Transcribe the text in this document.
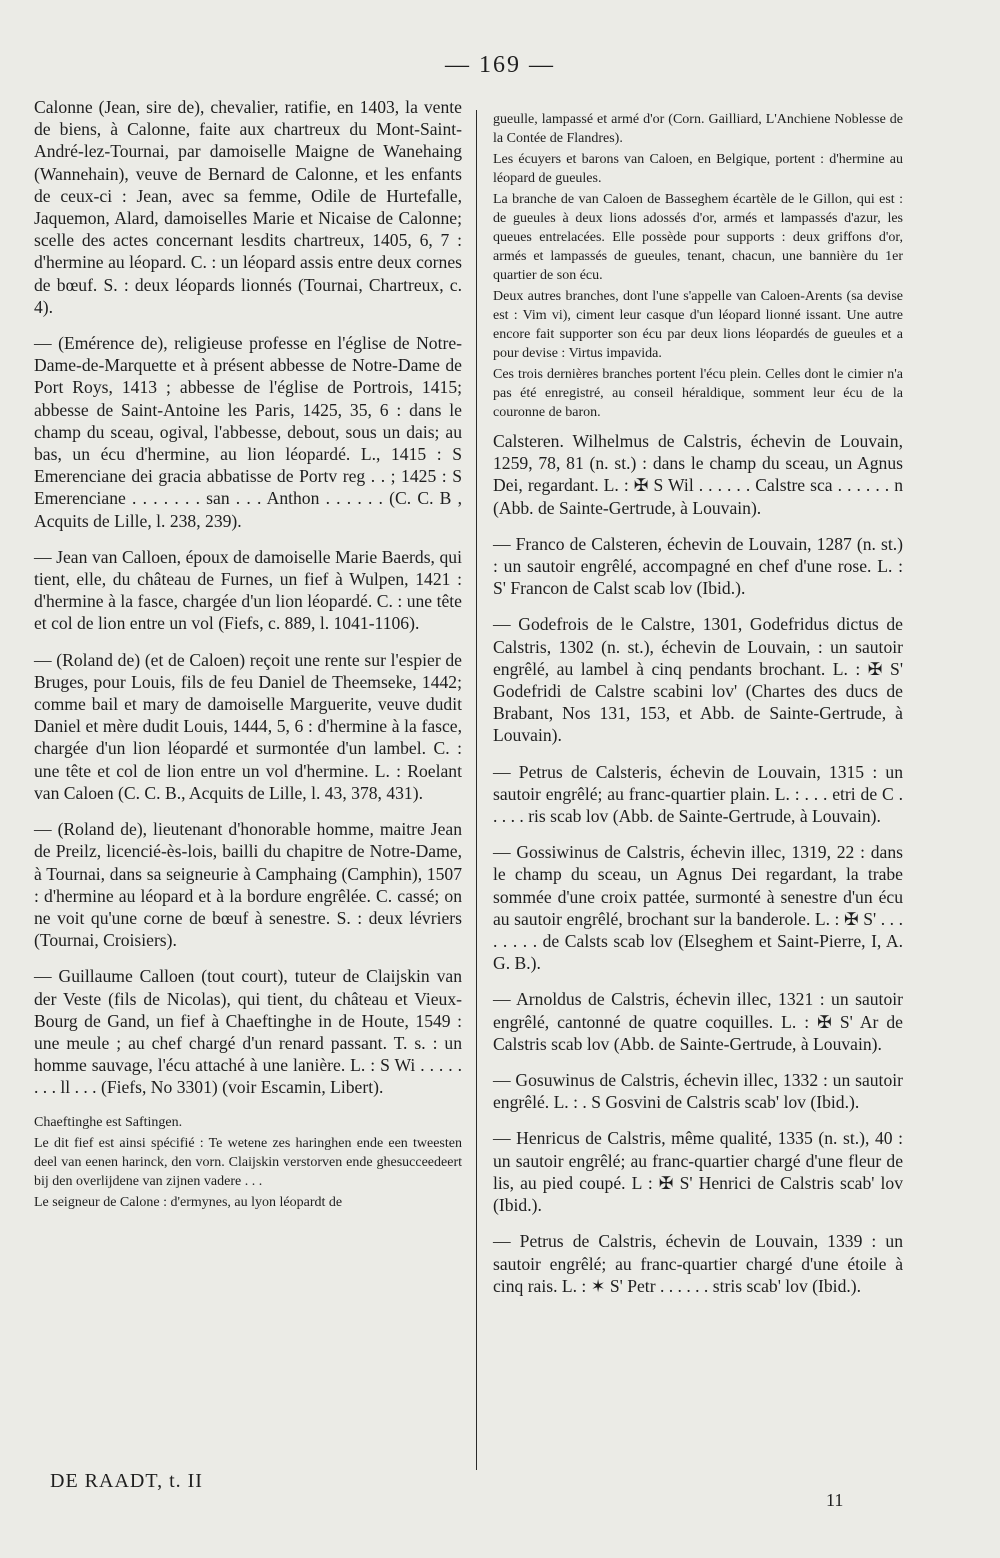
— 169 —

Calonne (Jean, sire de), chevalier, ratifie, en 1403, la vente de biens, à Calonne, faite aux chartreux du Mont-Saint-André-lez-Tournai, par damoiselle Maigne de Wanehaing (Wannehain), veuve de Bernard de Calonne, et les enfants de ceux-ci : Jean, avec sa femme, Odile de Hurtefalle, Jaquemon, Alard, damoiselles Marie et Nicaise de Calonne; scelle des actes concernant lesdits chartreux, 1405, 6, 7 : d'hermine au léopard. C. : un léopard assis entre deux cornes de bœuf. S. : deux léopards lionnés (Tournai, Chartreux, c. 4).

— (Emérence de), religieuse professe en l'église de Notre-Dame-de-Marquette et à présent abbesse de Notre-Dame de Port Roys, 1413 ; abbesse de l'église de Portrois, 1415; abbesse de Saint-Antoine les Paris, 1425, 35, 6 : dans le champ du sceau, ogival, l'abbesse, debout, sous un dais; au bas, un écu d'hermine, au lion léopardé. L., 1415 : S Emerenciane dei gracia abbatisse de Portv reg . . ; 1425 : S Emerenciane . . . . . . . san . . . Anthon . . . . . . (C. C. B , Acquits de Lille, l. 238, 239).

— Jean van Calloen, époux de damoiselle Marie Baerds, qui tient, elle, du château de Furnes, un fief à Wulpen, 1421 : d'hermine à la fasce, chargée d'un lion léopardé. C. : une tête et col de lion entre un vol (Fiefs, c. 889, l. 1041-1106).

— (Roland de) (et de Caloen) reçoit une rente sur l'espier de Bruges, pour Louis, fils de feu Daniel de Theemseke, 1442; comme bail et mary de damoiselle Marguerite, veuve dudit Daniel et mère dudit Louis, 1444, 5, 6 : d'hermine à la fasce, chargée d'un lion léopardé et surmontée d'un lambel. C. : une tête et col de lion entre un vol d'hermine. L. : Roelant van Caloen (C. C. B., Acquits de Lille, l. 43, 378, 431).

— (Roland de), lieutenant d'honorable homme, maitre Jean de Preilz, licencié-ès-lois, bailli du chapitre de Notre-Dame, à Tournai, dans sa seigneurie à Camphaing (Camphin), 1507 : d'hermine au léopard et à la bordure engrêlée. C. cassé; on ne voit qu'une corne de bœuf à senestre. S. : deux lévriers (Tournai, Croisiers).

— Guillaume Calloen (tout court), tuteur de Claijskin van der Veste (fils de Nicolas), qui tient, du château et Vieux-Bourg de Gand, un fief à Chaeftinghe in de Houte, 1549 : une meule ; au chef chargé d'un renard passant. T. s. : un homme sauvage, l'écu attaché à une lanière. L. : S Wi . . . . . . . . ll . . . (Fiefs, No 3301) (voir Escamin, Libert).

Chaeftinghe est Saftingen.

Le dit fief est ainsi spécifié : Te wetene zes haringhen ende een tweesten deel van eenen harinck, den vorn. Claijskin verstorven ende ghesucceedeert bij den overlijdene van zijnen vadere . . .

Le seigneur de Calone : d'ermynes, au lyon léopardt de

gueulle, lampassé et armé d'or (Corn. Gailliard, L'Anchiene Noblesse de la Contée de Flandres).

Les écuyers et barons van Caloen, en Belgique, portent : d'hermine au léopard de gueules.

La branche de van Caloen de Basseghem écartèle de le Gillon, qui est : de gueules à deux lions adossés d'or, armés et lampassés d'azur, les queues entrelacées. Elle possède pour supports : deux griffons d'or, armés et lampassés de gueules, tenant, chacun, une bannière du 1er quartier de son écu.

Deux autres branches, dont l'une s'appelle van Caloen-Arents (sa devise est : Vim vi), ciment leur casque d'un léopard lionné issant. Une autre encore fait supporter son écu par deux lions léopardés de gueules et a pour devise : Virtus impavida.

Ces trois dernières branches portent l'écu plein. Celles dont le cimier n'a pas été enregistré, au conseil héraldique, somment leur écu de la couronne de baron.

Calsteren. Wilhelmus de Calstris, échevin de Louvain, 1259, 78, 81 (n. st.) : dans le champ du sceau, un Agnus Dei, regardant. L. : ✠ S Wil . . . . . . Calstre sca . . . . . . n (Abb. de Sainte-Gertrude, à Louvain).

— Franco de Calsteren, échevin de Louvain, 1287 (n. st.) : un sautoir engrêlé, accompagné en chef d'une rose. L. : S' Francon de Calst scab lov (Ibid.).

— Godefrois de le Calstre, 1301, Godefridus dictus de Calstris, 1302 (n. st.), échevin de Louvain, : un sautoir engrêlé, au lambel à cinq pendants brochant. L. : ✠ S' Godefridi de Calstre scabini lov' (Chartes des ducs de Brabant, Nos 131, 153, et Abb. de Sainte-Gertrude, à Louvain).

— Petrus de Calsteris, échevin de Louvain, 1315 : un sautoir engrêlé; au franc-quartier plain. L. : . . . etri de C . . . . . ris scab lov (Abb. de Sainte-Gertrude, à Louvain).

— Gossiwinus de Calstris, échevin illec, 1319, 22 : dans le champ du sceau, un Agnus Dei regardant, la trabe sommée d'une croix pattée, surmonté à senestre d'un écu au sautoir engrêlé, brochant sur la banderole. L. : ✠ S' . . . . . . . . de Calsts scab lov (Elseghem et Saint-Pierre, I, A. G. B.).

— Arnoldus de Calstris, échevin illec, 1321 : un sautoir engrêlé, cantonné de quatre coquilles. L. : ✠ S' Ar de Calstris scab lov (Abb. de Sainte-Gertrude, à Louvain).

— Gosuwinus de Calstris, échevin illec, 1332 : un sautoir engrêlé. L. : . S Gosvini de Calstris scab' lov (Ibid.).

— Henricus de Calstris, même qualité, 1335 (n. st.), 40 : un sautoir engrêlé; au franc-quartier chargé d'une fleur de lis, au pied coupé. L : ✠ S' Henrici de Calstris scab' lov (Ibid.).

— Petrus de Calstris, échevin de Louvain, 1339 : un sautoir engrêlé; au franc-quartier chargé d'une étoile à cinq rais. L. : ✶ S' Petr . . . . . . stris scab' lov (Ibid.).

DE RAADT, t. II
11
